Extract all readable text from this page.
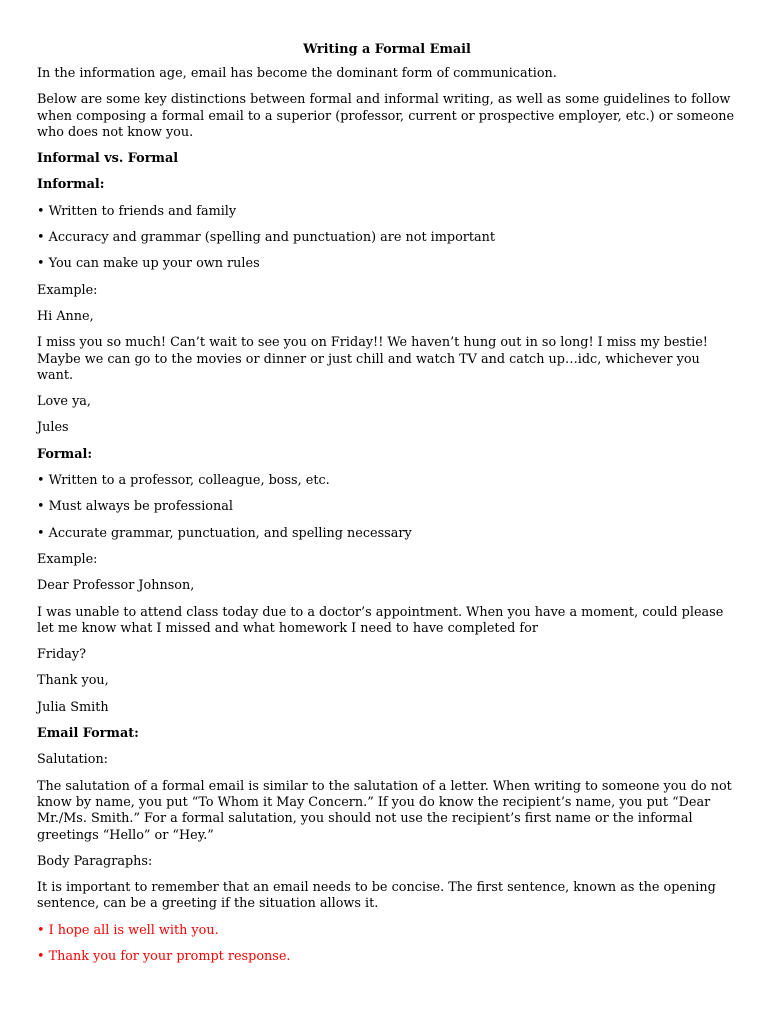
Writing a Formal Email

In the information age, email has become the dominant form of communication.

Below are some key distinctions between formal and informal writing, as well as some guidelines to follow when composing a formal email to a superior (professor, current or prospective employer, etc.) or someone who does not know you.

Informal vs. Formal

Informal:

• Written to friends and family

• Accuracy and grammar (spelling and punctuation) are not important

• You can make up your own rules

Example:

Hi Anne,

I miss you so much! Can’t wait to see you on Friday!! We haven’t hung out in so long! I miss my bestie! Maybe we can go to the movies or dinner or just chill and watch TV and catch up…idc, whichever you want.

Love ya,

Jules

Formal:

• Written to a professor, colleague, boss, etc.

• Must always be professional

• Accurate grammar, punctuation, and spelling necessary

Example:

Dear Professor Johnson,

I was unable to attend class today due to a doctor’s appointment. When you have a moment, could please let me know what I missed and what homework I need to have completed for

Friday?

Thank you,

Julia Smith

Email Format:

Salutation:

The salutation of a formal email is similar to the salutation of a letter. When writing to someone you do not know by name, you put “To Whom it May Concern.” If you do know the recipient’s name, you put “Dear Mr./Ms. Smith.” For a formal salutation, you should not use the recipient’s first name or the informal greetings “Hello” or “Hey.”

Body Paragraphs:

It is important to remember that an email needs to be concise. The first sentence, known as the opening sentence, can be a greeting if the situation allows it.

• I hope all is well with you.

• Thank you for your prompt response.
